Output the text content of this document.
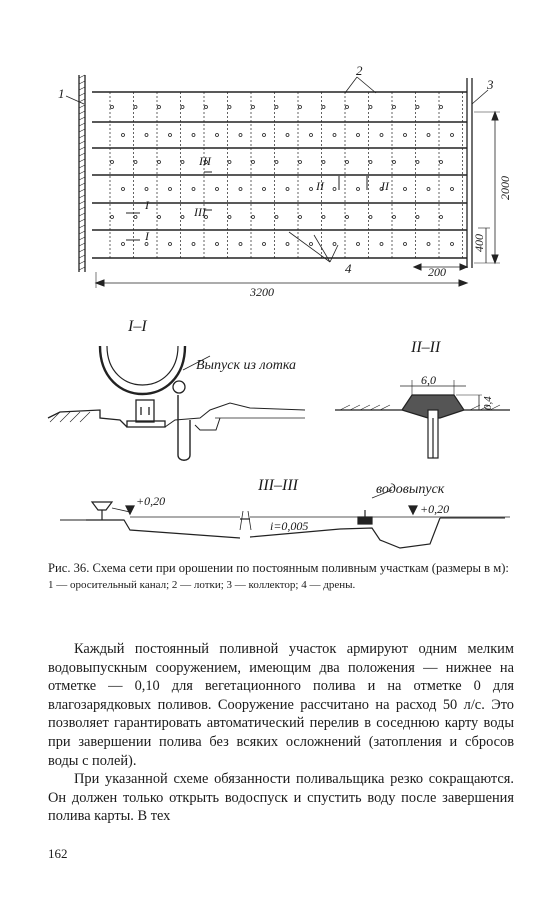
1
2
3
4
III
III
II	II
I
I
3200
200
2000
400
I–I
Выпуск из лотка
II–II
6,0
0,4
III–III
+0,20
+0,20
i=0,005
водовыпуск
Рис. 36. Схема сети при орошении по постоянным поливным участкам (размеры в м):
1 — оросительный канал; 2 — лотки; 3 — коллектор; 4 — дрены.

Каждый постоянный поливной участок армируют одним мелким водовыпускным сооружением, имеющим два положения — нижнее на отметке — 0,10 для вегетационного полива и на отметке 0 для влагозарядковых поливов. Сооружение рассчитано на расход 50 л/с. Это позволяет гарантировать автоматический перелив в соседнюю карту воды при завершении полива без всяких осложнений (затопления и сбросов воды с полей).

При указанной схеме обязанности поливальщика резко сокращаются. Он должен только открыть водоспуск и спустить воду после завершения полива карты. В тех

162
